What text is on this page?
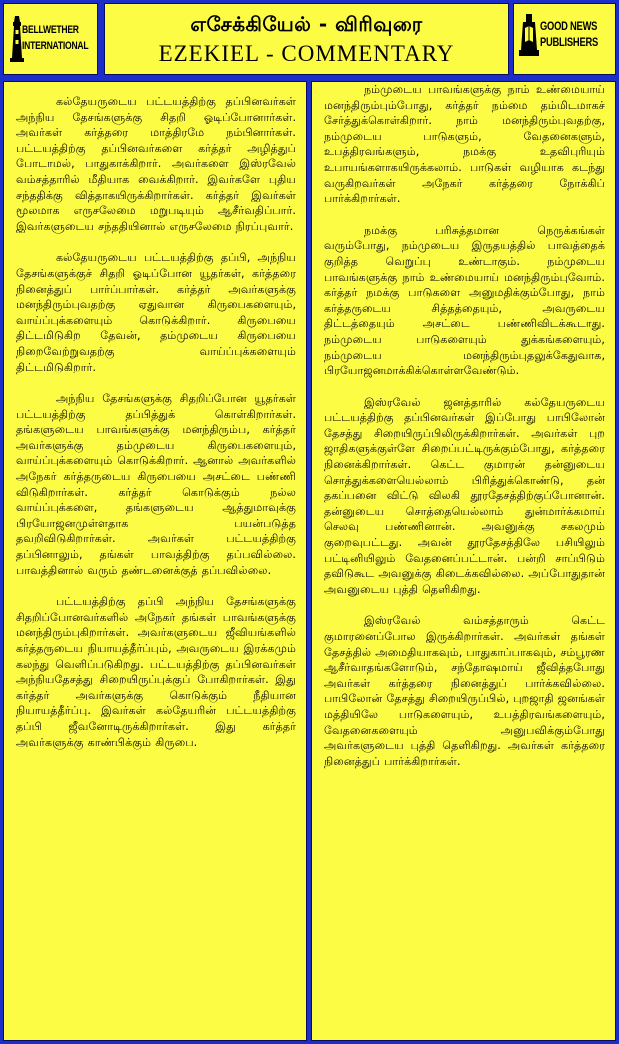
BELLWETHER
INTERNATIONAL
எசேக்கியேல் - விரிவுரை
EZEKIEL - COMMENTARY
GOOD NEWS
PUBLISHERS

கல்தேயருடைய பட்டயத்திற்கு தப்பினவர்கள் அந்நிய தேசங்களுக்கு சிதறி ஓடிப்போனார்கள். அவர்கள் கர்த்தரை மாத்திரமே நம்பினார்கள். பட்டயத்திற்கு தப்பினவர்களை கர்த்தர் அழித்துப் போடாமல், பாதுகாக்கிறார். அவர்களை இஸ்ரவேல் வம்சத்தாரில் மீதியாக வைக்கிறார். இவர்களே புதிய சந்ததிக்கு வித்தாகயிருக்கிறார்கள். கர்த்தர் இவர்கள் மூலமாக எருசலேமை மறுபடியும் ஆசீர்வதிப்பார். இவர்களுடைய சந்ததியினால் எருசலேமை நிரப்புவார்.

கல்தேயருடைய பட்டயத்திற்கு தப்பி, அந்நிய தேசங்களுக்குச் சிதறி ஓடிப்போன யூதர்கள், கர்த்தரை நினைத்துப் பார்ப்பார்கள். கர்த்தர் அவர்களுக்கு மனந்திரும்புவதற்கு ஏதுவான கிருபைகளையும், வாய்ப்புக்களையும் கொடுக்கிறார். கிருபையை திட்டமிடுகிற தேவன், தம்முடைய கிருபையை நிறைவேற்றுவதற்கு வாய்ப்புக்களையும் திட்டமிடுகிறார்.

அந்நிய தேசங்களுக்கு சிதறிப்போன யூதர்கள் பட்டயத்திற்கு தப்பித்துக் கொள்கிறார்கள். தங்களுடைய பாவங்களுக்கு மனந்திரும்ப, கர்த்தர் அவர்களுக்கு தம்முடைய கிருபைகளையும், வாய்ப்புக்களையும் கொடுக்கிறார். ஆனால் அவர்களில் அநேகர் கர்த்தருடைய கிருபையை அசட்டை பண்ணி விடுகிறார்கள். கர்த்தர் கொடுக்கும் நல்ல வாய்ப்புக்களை, தங்களுடைய ஆத்துமாவுக்கு பிரயோஜனமுள்ளதாக பயன்படுத்த தவறிவிடுகிறார்கள். அவர்கள் பட்டயத்திற்கு தப்பினாலும், தங்கள் பாவத்திற்கு தப்பவில்லை. பாவத்தினால் வரும் தண்டனைக்குத் தப்பவில்லை.

பட்டயத்திற்கு தப்பி அந்நிய தேசங்களுக்கு சிதறிப்போனவர்களில் அநேகர் தங்கள் பாவங்களுக்கு மனந்திரும்புகிறார்கள். அவர்களுடைய ஜீவியங்களில் கர்த்தருடைய நியாயத்தீர்ப்பும், அவருடைய இரக்கமும் கலந்து வெளிப்படுகிறது. பட்டயத்திற்கு தப்பினவர்கள் அந்நியதேசத்து சிறையிருப்புக்குப் போகிறார்கள். இது கர்த்தர் அவர்களுக்கு கொடுக்கும் நீதியான நியாயத்தீர்ப்பு. இவர்கள் கல்தேயரின் பட்டயத்திற்கு தப்பி ஜீவனோடிருக்கிறார்கள். இது கர்த்தர் அவர்களுக்கு காண்பிக்கும் கிருபை.

நம்முடைய பாவங்களுக்கு நாம் உண்மையாய் மனந்திரும்பும்போது, கர்த்தர் நம்மை தம்மிடமாகச் சேர்த்துக்கொள்கிறார். நாம் மனந்திரும்புவதற்கு, நம்முடைய பாடுகளும், வேதனைகளும், உபத்திரவங்களும், நமக்கு உதவிபுரியும் உபாயங்களாகயிருக்கலாம். பாடுகள் வழியாக கடந்து வருகிறவர்கள் அநேகர் கர்த்தரை நோக்கிப் பார்க்கிறார்கள்.

நமக்கு பரிசுத்தமான நெருக்கங்கள் வரும்போது, நம்முடைய இருதயத்தில் பாவத்தைக் குறித்த வெறுப்பு உண்டாகும். நம்முடைய பாவங்களுக்கு நாம் உண்மையாய் மனந்திரும்புவோம். கர்த்தர் நமக்கு பாடுகளை அனுமதிக்கும்போது, நாம் கர்த்தருடைய சித்தத்தையும், அவருடைய திட்டத்தையும் அசட்டை பண்ணிவிடக்கூடாது. நம்முடைய பாடுகளையும் துக்கங்களையும், நம்முடைய மனந்திரும்புதலுக்கேதுவாக, பிரயோஜனமாக்கிக்கொள்ளவேண்டும்.

இஸ்ரவேல் ஜனத்தாரில் கல்தேயருடைய பட்டயத்திற்கு தப்பினவர்கள் இப்போது பாபிலோன் தேசத்து சிறையிருப்பிலிருக்கிறார்கள். அவர்கள் புற ஜாதிகளுக்குள்ளே சிறைப்பட்டிருக்கும்போது, கர்த்தரை நினைக்கிறார்கள். கெட்ட குமாரன் தன்னுடைய சொத்துக்களையெல்லாம் பிரித்துக்கொண்டு, தன் தகப்பனை விட்டு விலகி தூரதேசத்திற்குப்போனான். தன்னுடைய சொத்தையெல்லாம் துன்மார்க்கமாய் செலவு பண்ணினான். அவனுக்கு சகலமும் குறைவுபட்டது. அவன் தூரதேசத்திலே பசியிலும் பட்டினியிலும் வேதனைப்பட்டான். பன்றி சாப்பிடும் தவிடுகூட அவனுக்கு கிடைக்கவில்லை. அப்போதுதான் அவனுடைய புத்தி தெளிகிறது.

இஸ்ரவேல் வம்சத்தாரும் கெட்ட குமாரனைப்போல இருக்கிறார்கள். அவர்கள் தங்கள் தேசத்தில் அமைதியாகவும், பாதுகாப்பாகவும், சம்பூரண ஆசீர்வாதங்களோடும், சந்தோஷமாய் ஜீவித்தபோது அவர்கள் கர்த்தரை நினைத்துப் பார்க்கவில்லை. பாபிலோன் தேசத்து சிறையிருப்பில், புறஜாதி ஜனங்கள் மத்தியிலே பாடுகளையும், உபத்திரவங்களையும், வேதனைகளையும் அனுபவிக்கும்போது அவர்களுடைய புத்தி தெளிகிறது. அவர்கள் கர்த்தரை நினைத்துப் பார்க்கிறார்கள்.
